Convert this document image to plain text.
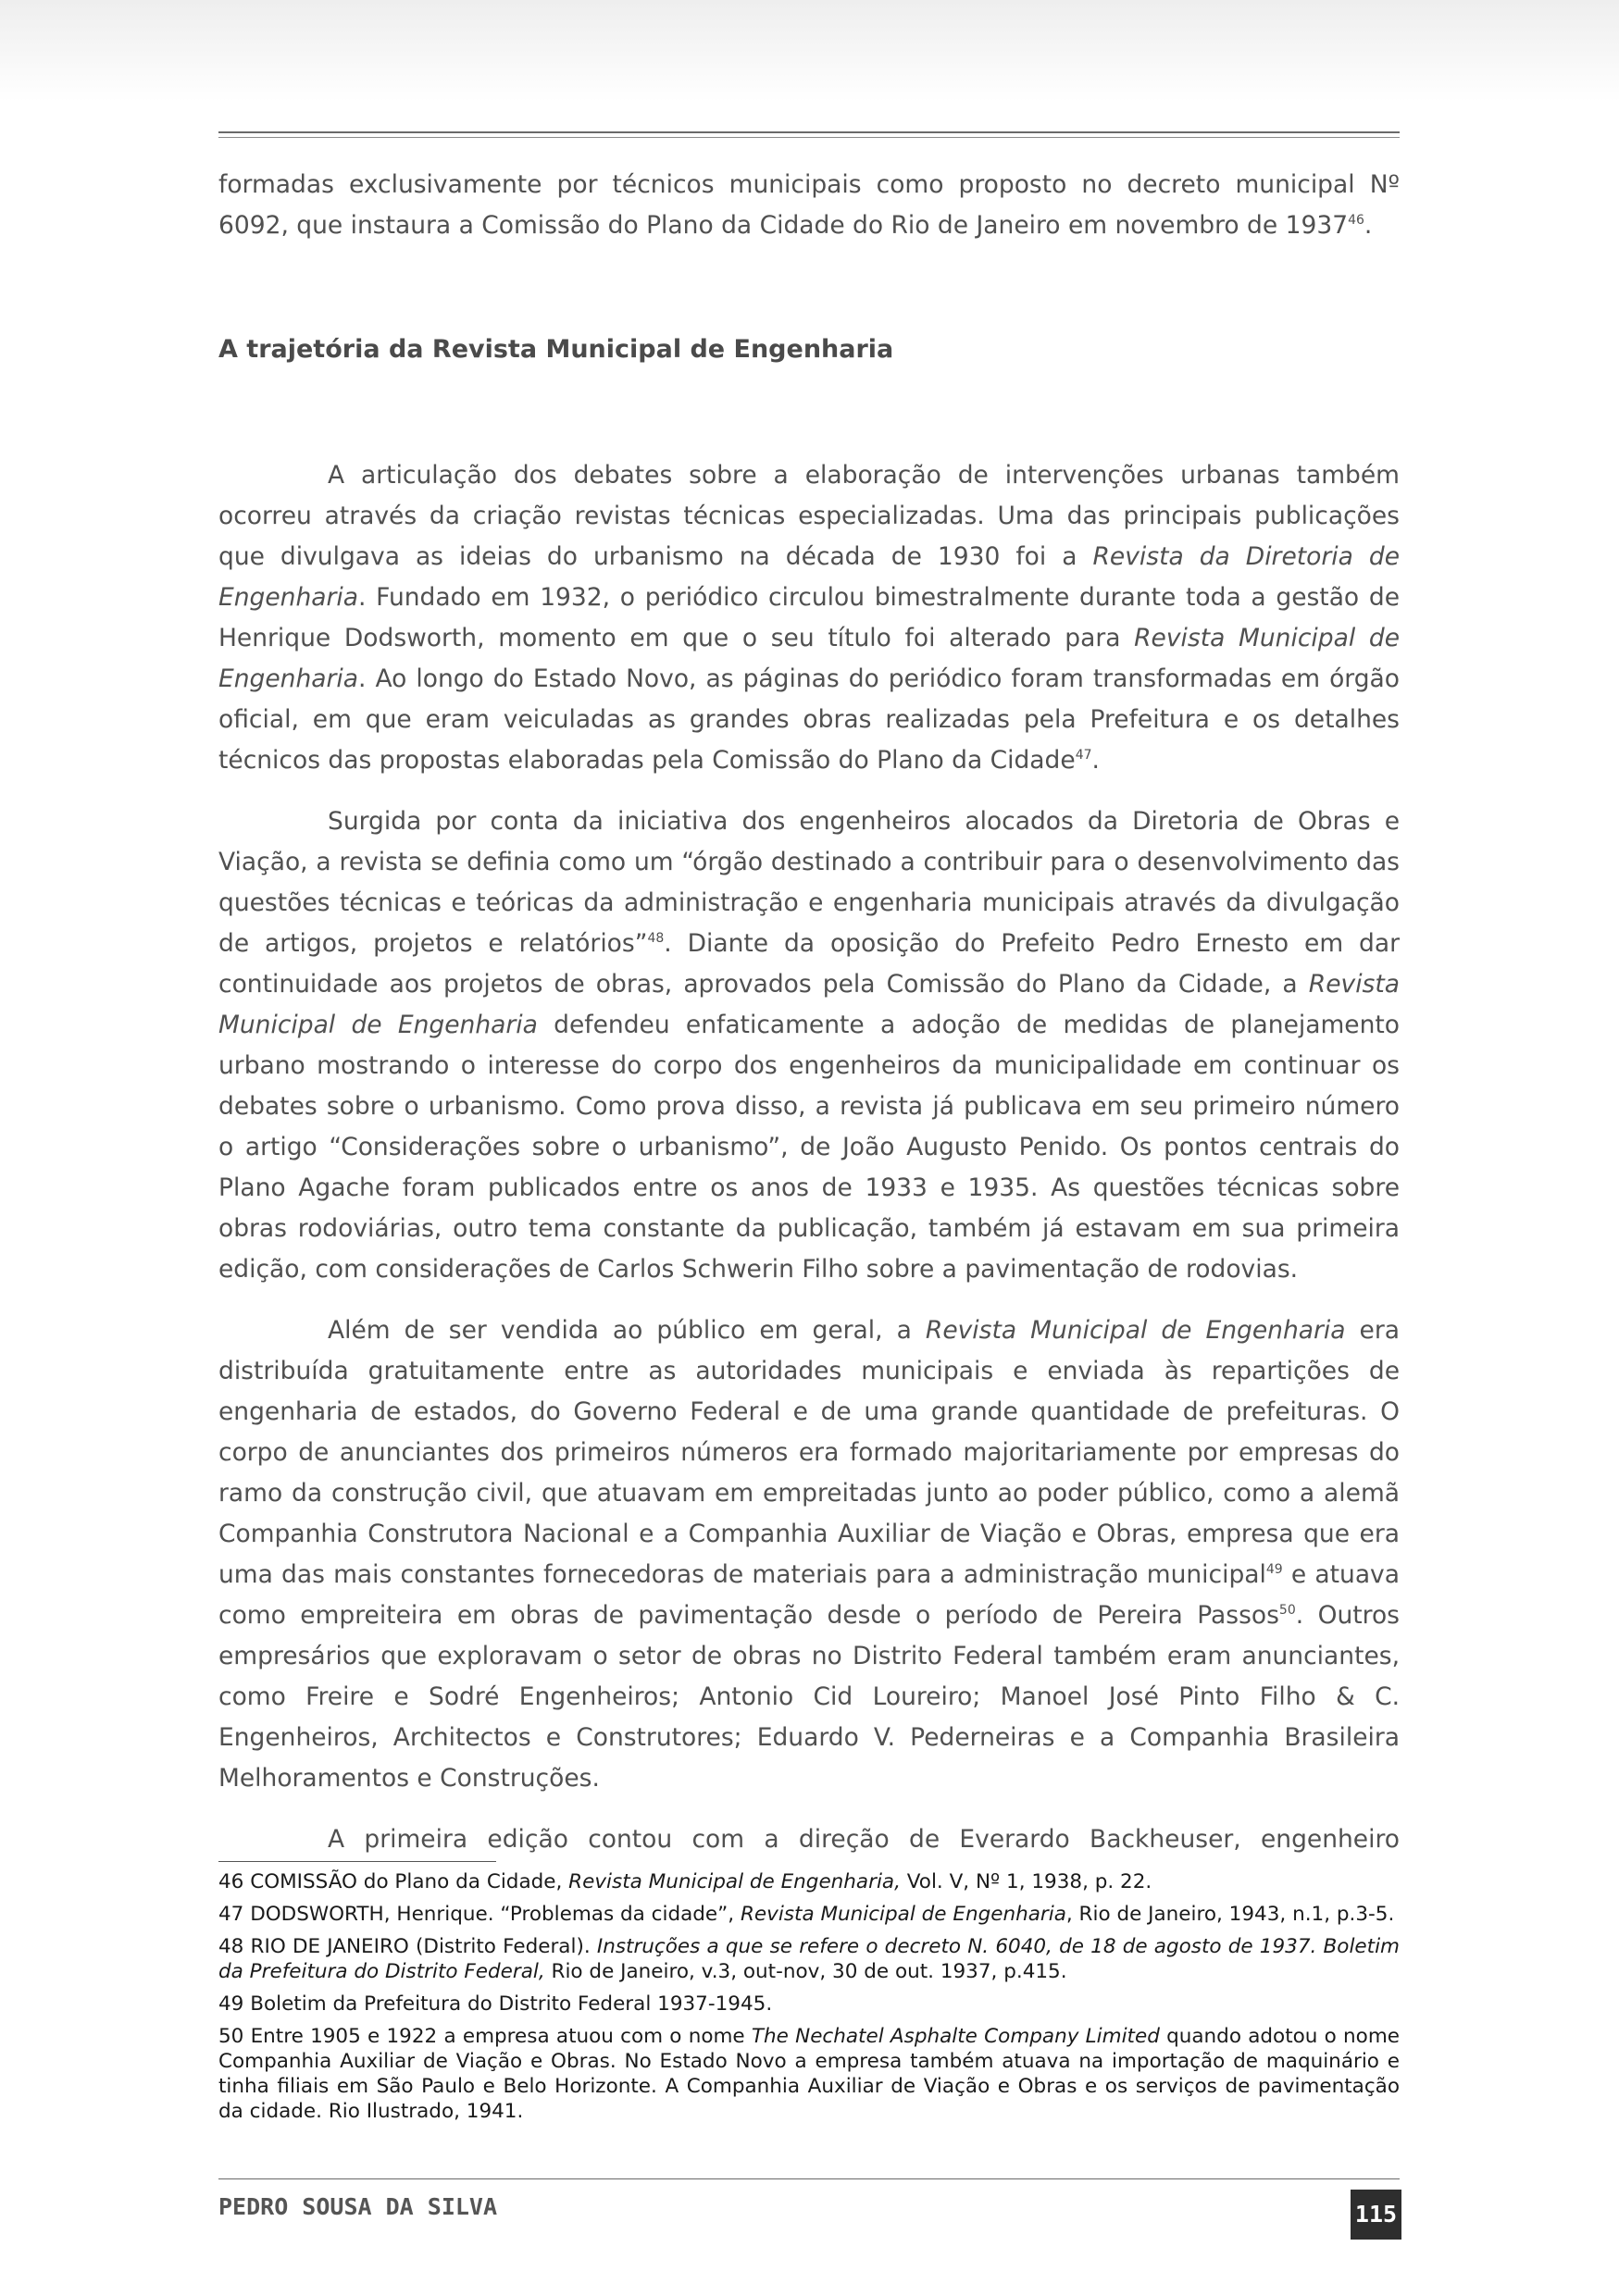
formadas exclusivamente por técnicos municipais como proposto no decreto municipal Nº 6092, que instaura a Comissão do Plano da Cidade do Rio de Janeiro em novembro de 1937$^{46}$.

A trajetória da Revista Municipal de Engenharia

A articulação dos debates sobre a elaboração de intervenções urbanas também ocorreu através da criação revistas técnicas especializadas. Uma das principais publicações que divulgava as ideias do urbanismo na década de 1930 foi a Revista da Diretoria de Engenharia. Fundado em 1932, o periódico circulou bimestralmente durante toda a gestão de Henrique Dodsworth, momento em que o seu título foi alterado para Revista Municipal de Engenharia. Ao longo do Estado Novo, as páginas do periódico foram transformadas em órgão oficial, em que eram veiculadas as grandes obras realizadas pela Prefeitura e os detalhes técnicos das propostas elaboradas pela Comissão do Plano da Cidade$^{47}$.

Surgida por conta da iniciativa dos engenheiros alocados da Diretoria de Obras e Viação, a revista se definia como um “órgão destinado a contribuir para o desenvolvimento das questões técnicas e teóricas da administração e engenharia municipais através da divulgação de artigos, projetos e relatórios”$^{48}$. Diante da oposição do Prefeito Pedro Ernesto em dar continuidade aos projetos de obras, aprovados pela Comissão do Plano da Cidade, a Revista Municipal de Engenharia defendeu enfaticamente a adoção de medidas de planejamento urbano mostrando o interesse do corpo dos engenheiros da municipalidade em continuar os debates sobre o urbanismo. Como prova disso, a revista já publicava em seu primeiro número o artigo “Considerações sobre o urbanismo”, de João Augusto Penido. Os pontos centrais do Plano Agache foram publicados entre os anos de 1933 e 1935. As questões técnicas sobre obras rodoviárias, outro tema constante da publicação, também já estavam em sua primeira edição, com considerações de Carlos Schwerin Filho sobre a pavimentação de rodovias.

Além de ser vendida ao público em geral, a Revista Municipal de Engenharia era distribuída gratuitamente entre as autoridades municipais e enviada às repartições de engenharia de estados, do Governo Federal e de uma grande quantidade de prefeituras. O corpo de anunciantes dos primeiros números era formado majoritariamente por empresas do ramo da construção civil, que atuavam em empreitadas junto ao poder público, como a alemã Companhia Construtora Nacional e a Companhia Auxiliar de Viação e Obras, empresa que era uma das mais constantes fornecedoras de materiais para a administração municipal$^{49}$ e atuava como empreiteira em obras de pavimentação desde o período de Pereira Passos$^{50}$. Outros empresários que exploravam o setor de obras no Distrito Federal também eram anunciantes, como Freire e Sodré Engenheiros; Antonio Cid Loureiro; Manoel José Pinto Filho & C. Engenheiros, Architectos e Construtores; Eduardo V. Pederneiras e a Companhia Brasileira Melhoramentos e Construções.

A primeira edição contou com a direção de Everardo Backheuser, engenheiro

46 COMISSÃO do Plano da Cidade, Revista Municipal de Engenharia, Vol. V, Nº 1, 1938, p. 22.

47 DODSWORTH, Henrique. “Problemas da cidade”, Revista Municipal de Engenharia, Rio de Janeiro, 1943, n.1, p.3-5.

48 RIO DE JANEIRO (Distrito Federal). Instruções a que se refere o decreto N. 6040, de 18 de agosto de 1937. Boletim da Prefeitura do Distrito Federal, Rio de Janeiro, v.3, out-nov, 30 de out. 1937, p.415.

49 Boletim da Prefeitura do Distrito Federal 1937-1945.

50 Entre 1905 e 1922 a empresa atuou com o nome The Nechatel Asphalte Company Limited quando adotou o nome Companhia Auxiliar de Viação e Obras. No Estado Novo a empresa também atuava na importação de maquinário e tinha filiais em São Paulo e Belo Horizonte. A Companhia Auxiliar de Viação e Obras e os serviços de pavimentação da cidade. Rio Ilustrado, 1941.

PEDRO SOUSA DA SILVA	115
